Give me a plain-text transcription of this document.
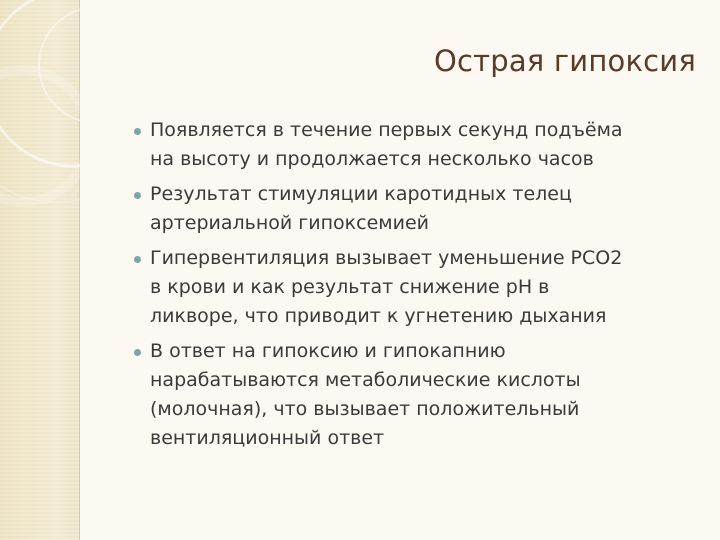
Острая гипоксия
Появляется в течение первых секунд подъёма
на высоту и продолжается несколько часов
Результат стимуляции каротидных телец
артериальной гипоксемией
Гипервентиляция вызывает уменьшение РСО2
в крови и как результат снижение pH в
ликворе, что приводит к угнетению дыхания
В ответ на гипоксию и гипокапнию
нарабатываются метаболические кислоты
(молочная), что вызывает положительный
вентиляционный ответ
